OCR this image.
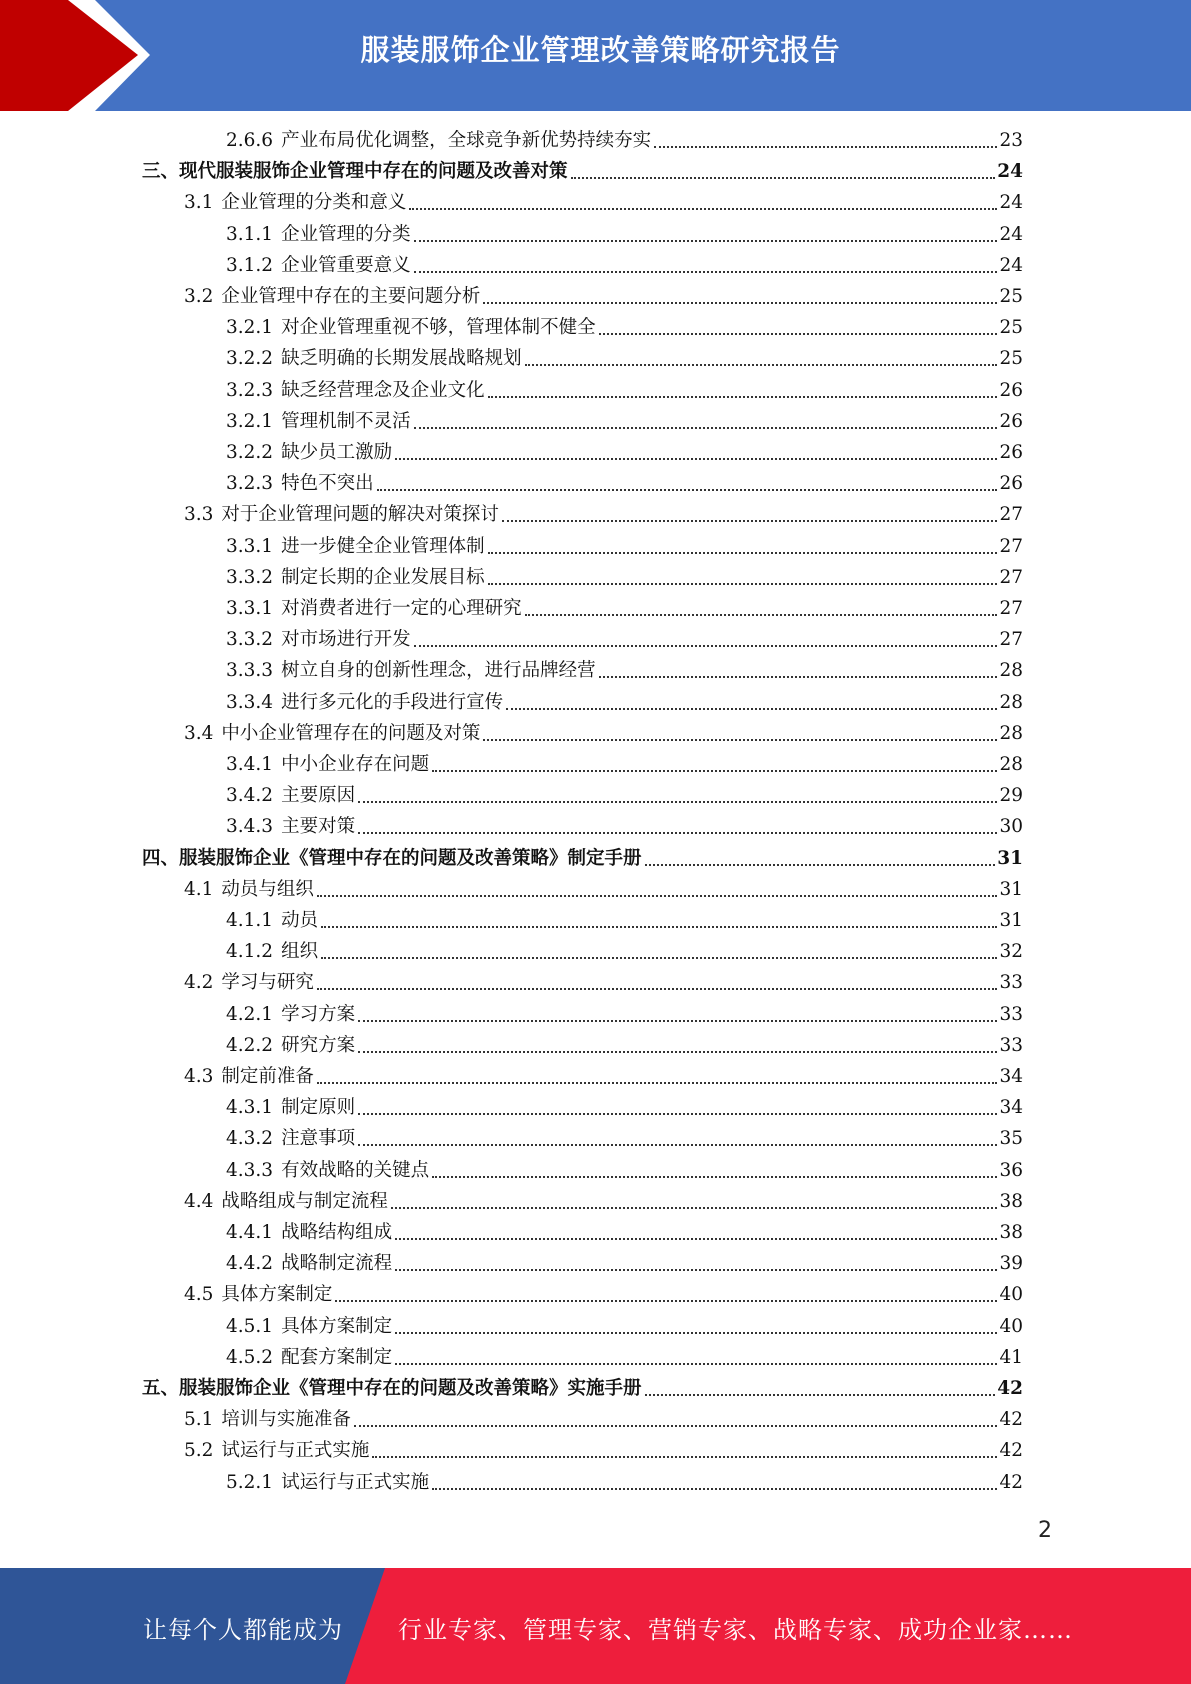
服装服饰企业管理改善策略研究报告
2.6.6 产业布局优化调整，全球竞争新优势持续夯实	23
三、现代服装服饰企业管理中存在的问题及改善对策	24
3.1 企业管理的分类和意义	24
3.1.1 企业管理的分类	24
3.1.2 企业管重要意义	24
3.2 企业管理中存在的主要问题分析	25
3.2.1 对企业管理重视不够，管理体制不健全	25
3.2.2 缺乏明确的长期发展战略规划	25
3.2.3 缺乏经营理念及企业文化	26
3.2.1 管理机制不灵活	26
3.2.2 缺少员工激励	26
3.2.3 特色不突出	26
3.3 对于企业管理问题的解决对策探讨	27
3.3.1 进一步健全企业管理体制	27
3.3.2 制定长期的企业发展目标	27
3.3.1 对消费者进行一定的心理研究	27
3.3.2 对市场进行开发	27
3.3.3 树立自身的创新性理念，进行品牌经营	28
3.3.4 进行多元化的手段进行宣传	28
3.4 中小企业管理存在的问题及对策	28
3.4.1 中小企业存在问题	28
3.4.2 主要原因	29
3.4.3 主要对策	30
四、服装服饰企业《管理中存在的问题及改善策略》制定手册	31
4.1 动员与组织	31
4.1.1 动员	31
4.1.2 组织	32
4.2 学习与研究	33
4.2.1 学习方案	33
4.2.2 研究方案	33
4.3 制定前准备	34
4.3.1 制定原则	34
4.3.2 注意事项	35
4.3.3 有效战略的关键点	36
4.4 战略组成与制定流程	38
4.4.1 战略结构组成	38
4.4.2 战略制定流程	39
4.5 具体方案制定	40
4.5.1 具体方案制定	40
4.5.2 配套方案制定	41
五、服装服饰企业《管理中存在的问题及改善策略》实施手册	42
5.1 培训与实施准备	42
5.2 试运行与正式实施	42
5.2.1 试运行与正式实施	42
2
让每个人都能成为 行业专家、管理专家、营销专家、战略专家、成功企业家……
